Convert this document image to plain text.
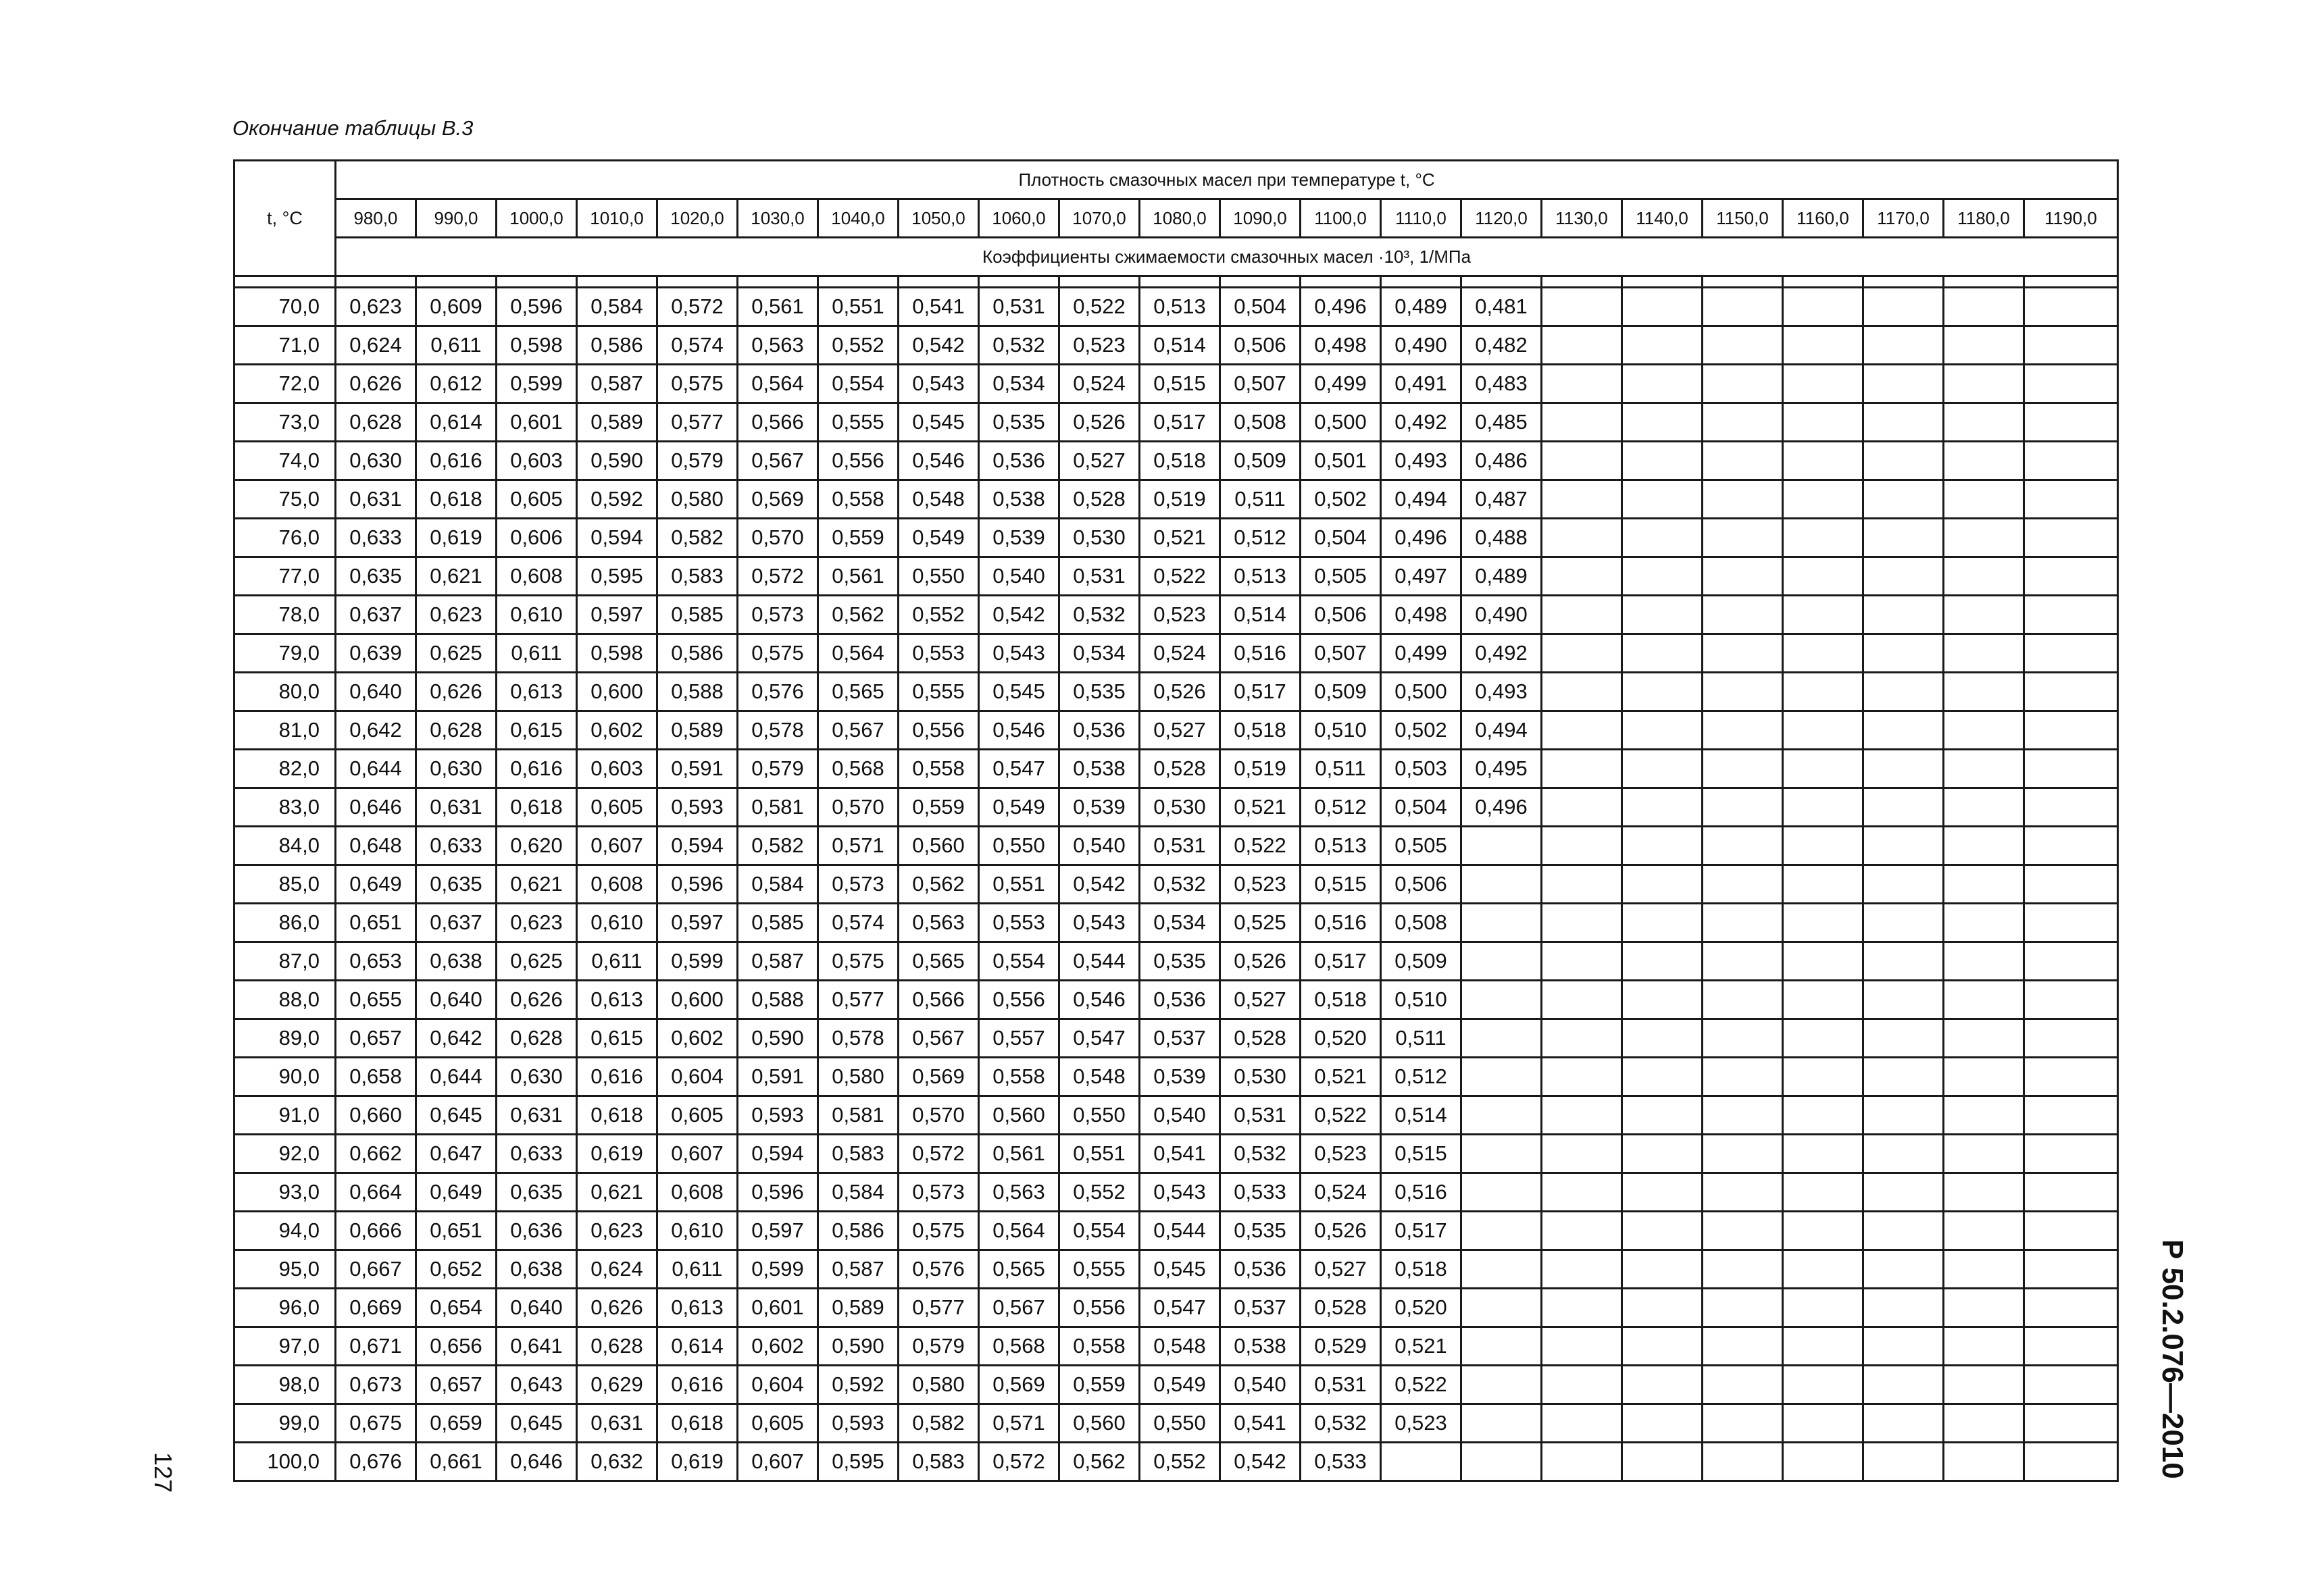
Окончание таблицы В.3
t, °C	Плотность смазочных масел при температуре t, °C																					
	980,0	990,0	1000,0	1010,0	1020,0	1030,0	1040,0	1050,0	1060,0	1070,0	1080,0	1090,0	1100,0	1110,0	1120,0	1130,0	1140,0	1150,0	1160,0	1170,0	1180,0	1190,0
	Коэффициенты сжимаемости смазочных масел ·10³, 1/МПа																					

70,0	0,623	0,609	0,596	0,584	0,572	0,561	0,551	0,541	0,531	0,522	0,513	0,504	0,496	0,489	0,481							
71,0	0,624	0,611	0,598	0,586	0,574	0,563	0,552	0,542	0,532	0,523	0,514	0,506	0,498	0,490	0,482							
72,0	0,626	0,612	0,599	0,587	0,575	0,564	0,554	0,543	0,534	0,524	0,515	0,507	0,499	0,491	0,483							
73,0	0,628	0,614	0,601	0,589	0,577	0,566	0,555	0,545	0,535	0,526	0,517	0,508	0,500	0,492	0,485							
74,0	0,630	0,616	0,603	0,590	0,579	0,567	0,556	0,546	0,536	0,527	0,518	0,509	0,501	0,493	0,486							
75,0	0,631	0,618	0,605	0,592	0,580	0,569	0,558	0,548	0,538	0,528	0,519	0,511	0,502	0,494	0,487							
76,0	0,633	0,619	0,606	0,594	0,582	0,570	0,559	0,549	0,539	0,530	0,521	0,512	0,504	0,496	0,488							
77,0	0,635	0,621	0,608	0,595	0,583	0,572	0,561	0,550	0,540	0,531	0,522	0,513	0,505	0,497	0,489							
78,0	0,637	0,623	0,610	0,597	0,585	0,573	0,562	0,552	0,542	0,532	0,523	0,514	0,506	0,498	0,490							
79,0	0,639	0,625	0,611	0,598	0,586	0,575	0,564	0,553	0,543	0,534	0,524	0,516	0,507	0,499	0,492							
80,0	0,640	0,626	0,613	0,600	0,588	0,576	0,565	0,555	0,545	0,535	0,526	0,517	0,509	0,500	0,493							
81,0	0,642	0,628	0,615	0,602	0,589	0,578	0,567	0,556	0,546	0,536	0,527	0,518	0,510	0,502	0,494							
82,0	0,644	0,630	0,616	0,603	0,591	0,579	0,568	0,558	0,547	0,538	0,528	0,519	0,511	0,503	0,495							
83,0	0,646	0,631	0,618	0,605	0,593	0,581	0,570	0,559	0,549	0,539	0,530	0,521	0,512	0,504	0,496							
84,0	0,648	0,633	0,620	0,607	0,594	0,582	0,571	0,560	0,550	0,540	0,531	0,522	0,513	0,505								
85,0	0,649	0,635	0,621	0,608	0,596	0,584	0,573	0,562	0,551	0,542	0,532	0,523	0,515	0,506								
86,0	0,651	0,637	0,623	0,610	0,597	0,585	0,574	0,563	0,553	0,543	0,534	0,525	0,516	0,508								
87,0	0,653	0,638	0,625	0,611	0,599	0,587	0,575	0,565	0,554	0,544	0,535	0,526	0,517	0,509								
88,0	0,655	0,640	0,626	0,613	0,600	0,588	0,577	0,566	0,556	0,546	0,536	0,527	0,518	0,510								
89,0	0,657	0,642	0,628	0,615	0,602	0,590	0,578	0,567	0,557	0,547	0,537	0,528	0,520	0,511								
90,0	0,658	0,644	0,630	0,616	0,604	0,591	0,580	0,569	0,558	0,548	0,539	0,530	0,521	0,512								
91,0	0,660	0,645	0,631	0,618	0,605	0,593	0,581	0,570	0,560	0,550	0,540	0,531	0,522	0,514								
92,0	0,662	0,647	0,633	0,619	0,607	0,594	0,583	0,572	0,561	0,551	0,541	0,532	0,523	0,515								
93,0	0,664	0,649	0,635	0,621	0,608	0,596	0,584	0,573	0,563	0,552	0,543	0,533	0,524	0,516								
94,0	0,666	0,651	0,636	0,623	0,610	0,597	0,586	0,575	0,564	0,554	0,544	0,535	0,526	0,517								
95,0	0,667	0,652	0,638	0,624	0,611	0,599	0,587	0,576	0,565	0,555	0,545	0,536	0,527	0,518								
96,0	0,669	0,654	0,640	0,626	0,613	0,601	0,589	0,577	0,567	0,556	0,547	0,537	0,528	0,520								
97,0	0,671	0,656	0,641	0,628	0,614	0,602	0,590	0,579	0,568	0,558	0,548	0,538	0,529	0,521								
98,0	0,673	0,657	0,643	0,629	0,616	0,604	0,592	0,580	0,569	0,559	0,549	0,540	0,531	0,522								
99,0	0,675	0,659	0,645	0,631	0,618	0,605	0,593	0,582	0,571	0,560	0,550	0,541	0,532	0,523								
100,0	0,676	0,661	0,646	0,632	0,619	0,607	0,595	0,583	0,572	0,562	0,552	0,542	0,533									
127	Р 50.2.076—2010
